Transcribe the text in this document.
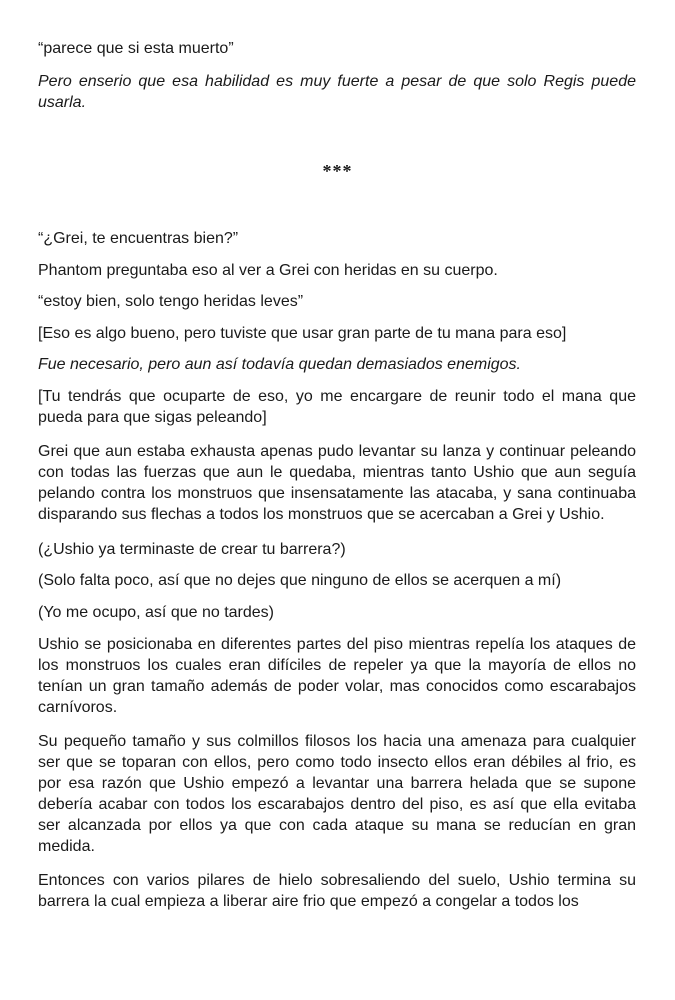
“parece que si esta muerto”

Pero enserio que esa habilidad es muy fuerte a pesar de que solo Regis puede usarla.

***

“¿Grei, te encuentras bien?”

Phantom preguntaba eso al ver a Grei con heridas en su cuerpo.

“estoy bien, solo tengo heridas leves”

[Eso es algo bueno, pero tuviste que usar gran parte de tu mana para eso]

Fue necesario, pero aun así todavía quedan demasiados enemigos.

[Tu tendrás que ocuparte de eso, yo me encargare de reunir todo el mana que pueda para que sigas peleando]

Grei que aun estaba exhausta apenas pudo levantar su lanza y continuar peleando con todas las fuerzas que aun le quedaba, mientras tanto Ushio que aun seguía pelando contra los monstruos que insensatamente las atacaba, y sana continuaba disparando sus flechas a todos los monstruos que se acercaban a Grei y Ushio.

(¿Ushio ya terminaste de crear tu barrera?)

(Solo falta poco, así que no dejes que ninguno de ellos se acerquen a mí)

(Yo me ocupo, así que no tardes)

Ushio se posicionaba en diferentes partes del piso mientras repelía los ataques de los monstruos los cuales eran difíciles de repeler ya que la mayoría de ellos no tenían un gran tamaño además de poder volar, mas conocidos como escarabajos carnívoros.

Su pequeño tamaño y sus colmillos filosos los hacia una amenaza para cualquier ser que se toparan con ellos, pero como todo insecto ellos eran débiles al frio, es por esa razón que Ushio empezó a levantar una barrera helada que se supone debería acabar con todos los escarabajos dentro del piso, es así que ella evitaba ser alcanzada por ellos ya que con cada ataque su mana se reducían en gran medida.

Entonces con varios pilares de hielo sobresaliendo del suelo, Ushio termina su barrera la cual empieza a liberar aire frio que empezó a congelar a todos los
